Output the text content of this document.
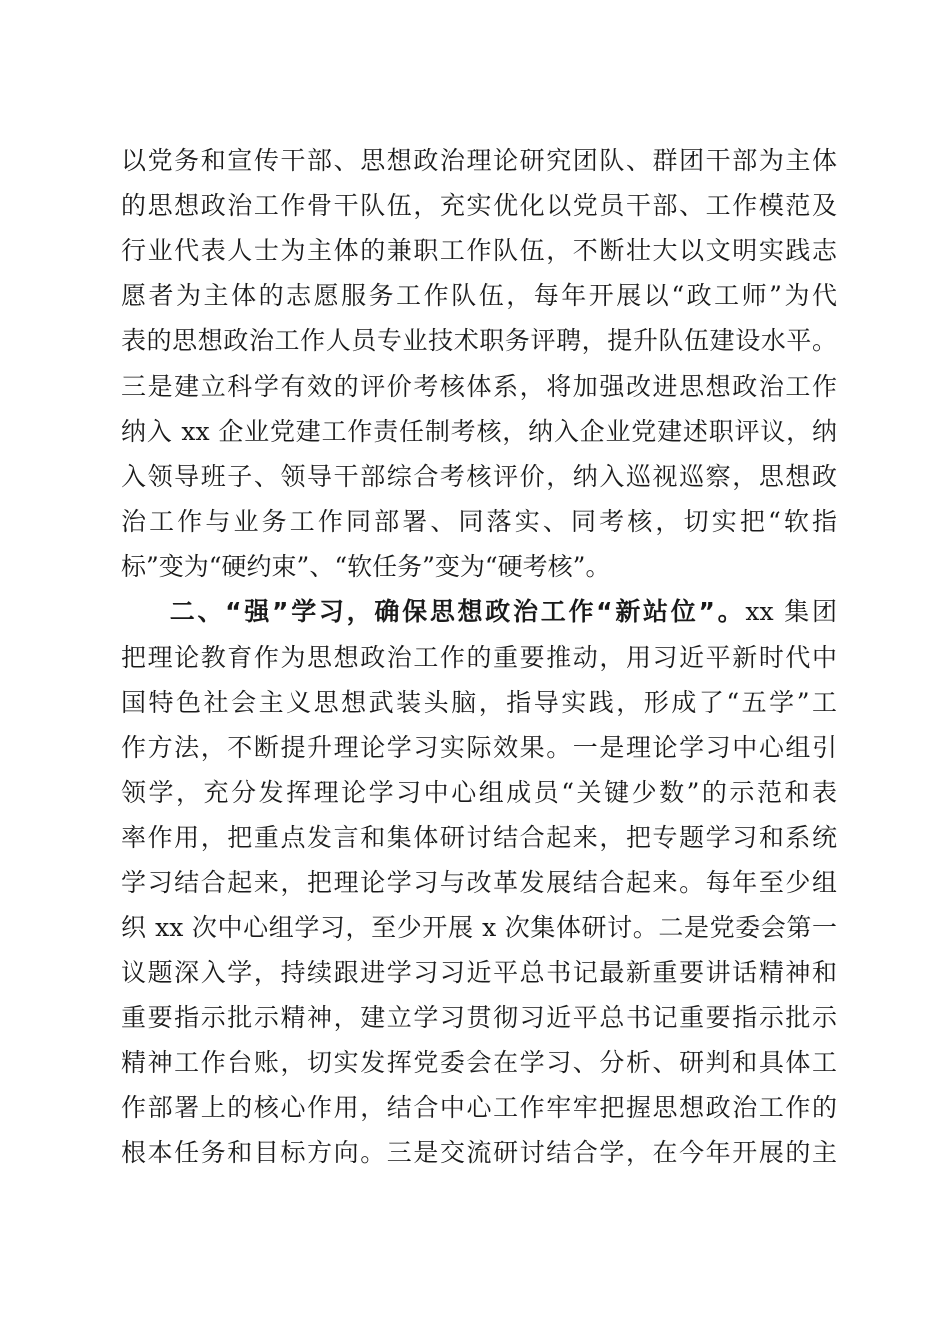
以党务和宣传干部、思想政治理论研究团队、群团干部为主体
的思想政治工作骨干队伍，充实优化以党员干部、工作模范及
行业代表人士为主体的兼职工作队伍，不断壮大以文明实践志
愿者为主体的志愿服务工作队伍，每年开展以“政工师”为代
表的思想政治工作人员专业技术职务评聘，提升队伍建设水平。
三是建立科学有效的评价考核体系，将加强改进思想政治工作
纳入 xx 企业党建工作责任制考核，纳入企业党建述职评议，纳
入领导班子、领导干部综合考核评价，纳入巡视巡察，思想政
治工作与业务工作同部署、同落实、同考核，切实把“软指
标”变为“硬约束”、“软任务”变为“硬考核”。
二、“强”学习，确保思想政治工作“新站位”。xx 集团
把理论教育作为思想政治工作的重要推动，用习近平新时代中
国特色社会主义思想武装头脑，指导实践，形成了“五学”工
作方法，不断提升理论学习实际效果。一是理论学习中心组引
领学，充分发挥理论学习中心组成员“关键少数”的示范和表
率作用，把重点发言和集体研讨结合起来，把专题学习和系统
学习结合起来，把理论学习与改革发展结合起来。每年至少组
织 xx 次中心组学习，至少开展 x 次集体研讨。二是党委会第一
议题深入学，持续跟进学习习近平总书记最新重要讲话精神和
重要指示批示精神，建立学习贯彻习近平总书记重要指示批示
精神工作台账，切实发挥党委会在学习、分析、研判和具体工
作部署上的核心作用，结合中心工作牢牢把握思想政治工作的
根本任务和目标方向。三是交流研讨结合学，在今年开展的主
